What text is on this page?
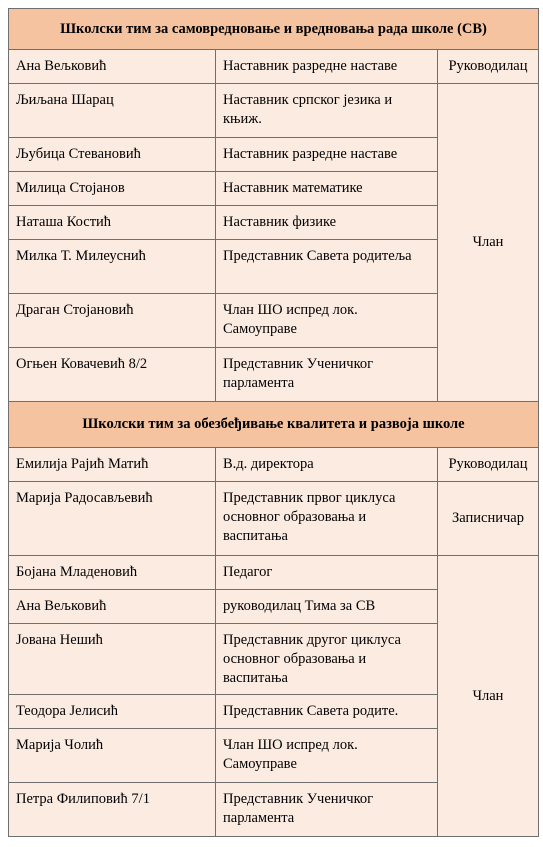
Школски тим за самовредновање и вредновања рада школе (СВ)		
Ана Вељковић	Наставник разредне наставе	Руководилац
Љиљана Шарац	Наставник српског језика и књиж.	Члан
Љубица Стевановић	Наставник разредне наставе	
Милица Стојанов	Наставник математике	
Наташа Костић	Наставник физике	
Милка Т. Милеуснић	Представник Савета родитеља	
Драган Стојановић	Члан ШО испред лок. Самоуправе	
Огњен Ковачевић 8/2	Представник Ученичког парламента	
Школски тим за обезбеђивање квалитета и развоја школе		
Емилија Рајић Матић	В.д. директора	Руководилац
Марија Радосављевић	Представник првог циклуса основног образовања и васпитања	Записничар
Бојана Младеновић	Педагог	Члан
Ана Вељковић	руководилац Тима за СВ	
Јована Нешић	Представник другог циклуса основног образовања и васпитања	
Теодора Јелисић	Представник Савета родите.	
Марија Чолић	Члан ШО испред лок. Самоуправе	
Петра Филиповић 7/1	Представник Ученичког парламента	
